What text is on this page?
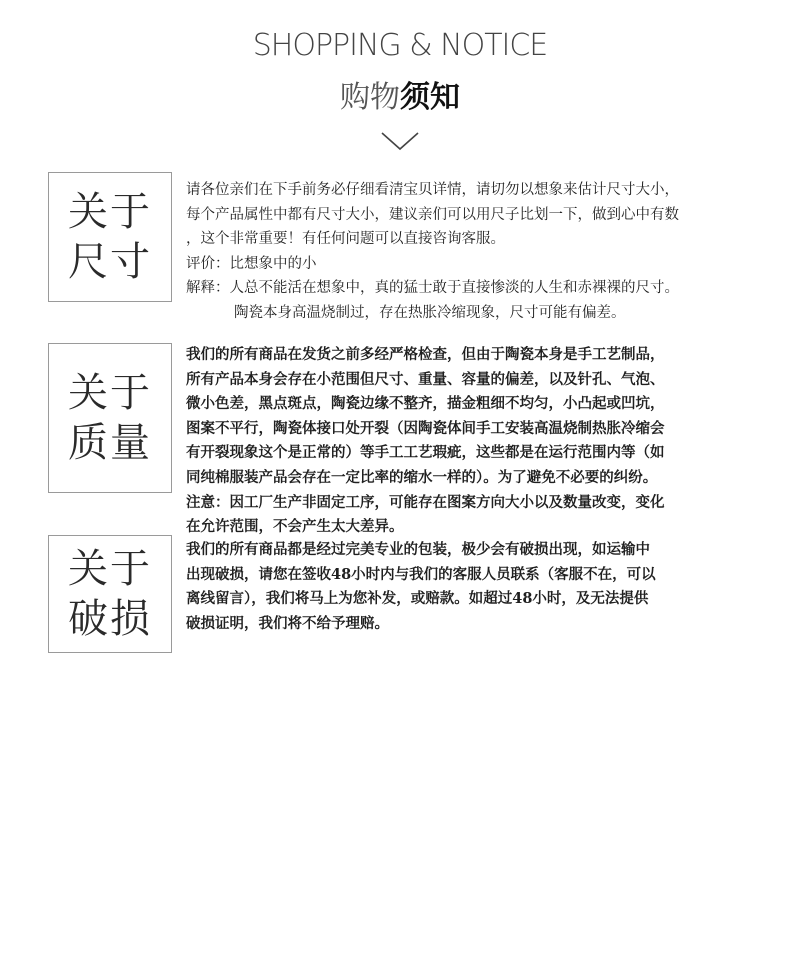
SHOPPING & NOTICE
购物须知
关于
尺寸
请各位亲们在下手前务必仔细看清宝贝详情，请切勿以想象来估计尺寸大小，
每个产品属性中都有尺寸大小，建议亲们可以用尺子比划一下，做到心中有数
，这个非常重要！有任何问题可以直接咨询客服。
评价：比想象中的小
解释：人总不能活在想象中，真的猛士敢于直接惨淡的人生和赤裸裸的尺寸。
陶瓷本身高温烧制过，存在热胀冷缩现象，尺寸可能有偏差。
关于
质量
我们的所有商品在发货之前多经严格检查，但由于陶瓷本身是手工艺制品，
所有产品本身会存在小范围但尺寸、重量、容量的偏差，以及针孔、气泡、
微小色差，黑点斑点，陶瓷边缘不整齐，描金粗细不均匀，小凸起或凹坑，
图案不平行，陶瓷体接口处开裂（因陶瓷体间手工安装高温烧制热胀冷缩会
有开裂现象这个是正常的）等手工工艺瑕疵，这些都是在运行范围内等（如
同纯棉服装产品会存在一定比率的缩水一样的）。为了避免不必要的纠纷。
注意：因工厂生产非固定工序，可能存在图案方向大小以及数量改变，变化
在允许范围，不会产生太大差异。
关于
破损
我们的所有商品都是经过完美专业的包装，极少会有破损出现，如运输中
出现破损，请您在签收48小时内与我们的客服人员联系（客服不在，可以
离线留言），我们将马上为您补发，或赔款。如超过48小时，及无法提供
破损证明，我们将不给予理赔。
